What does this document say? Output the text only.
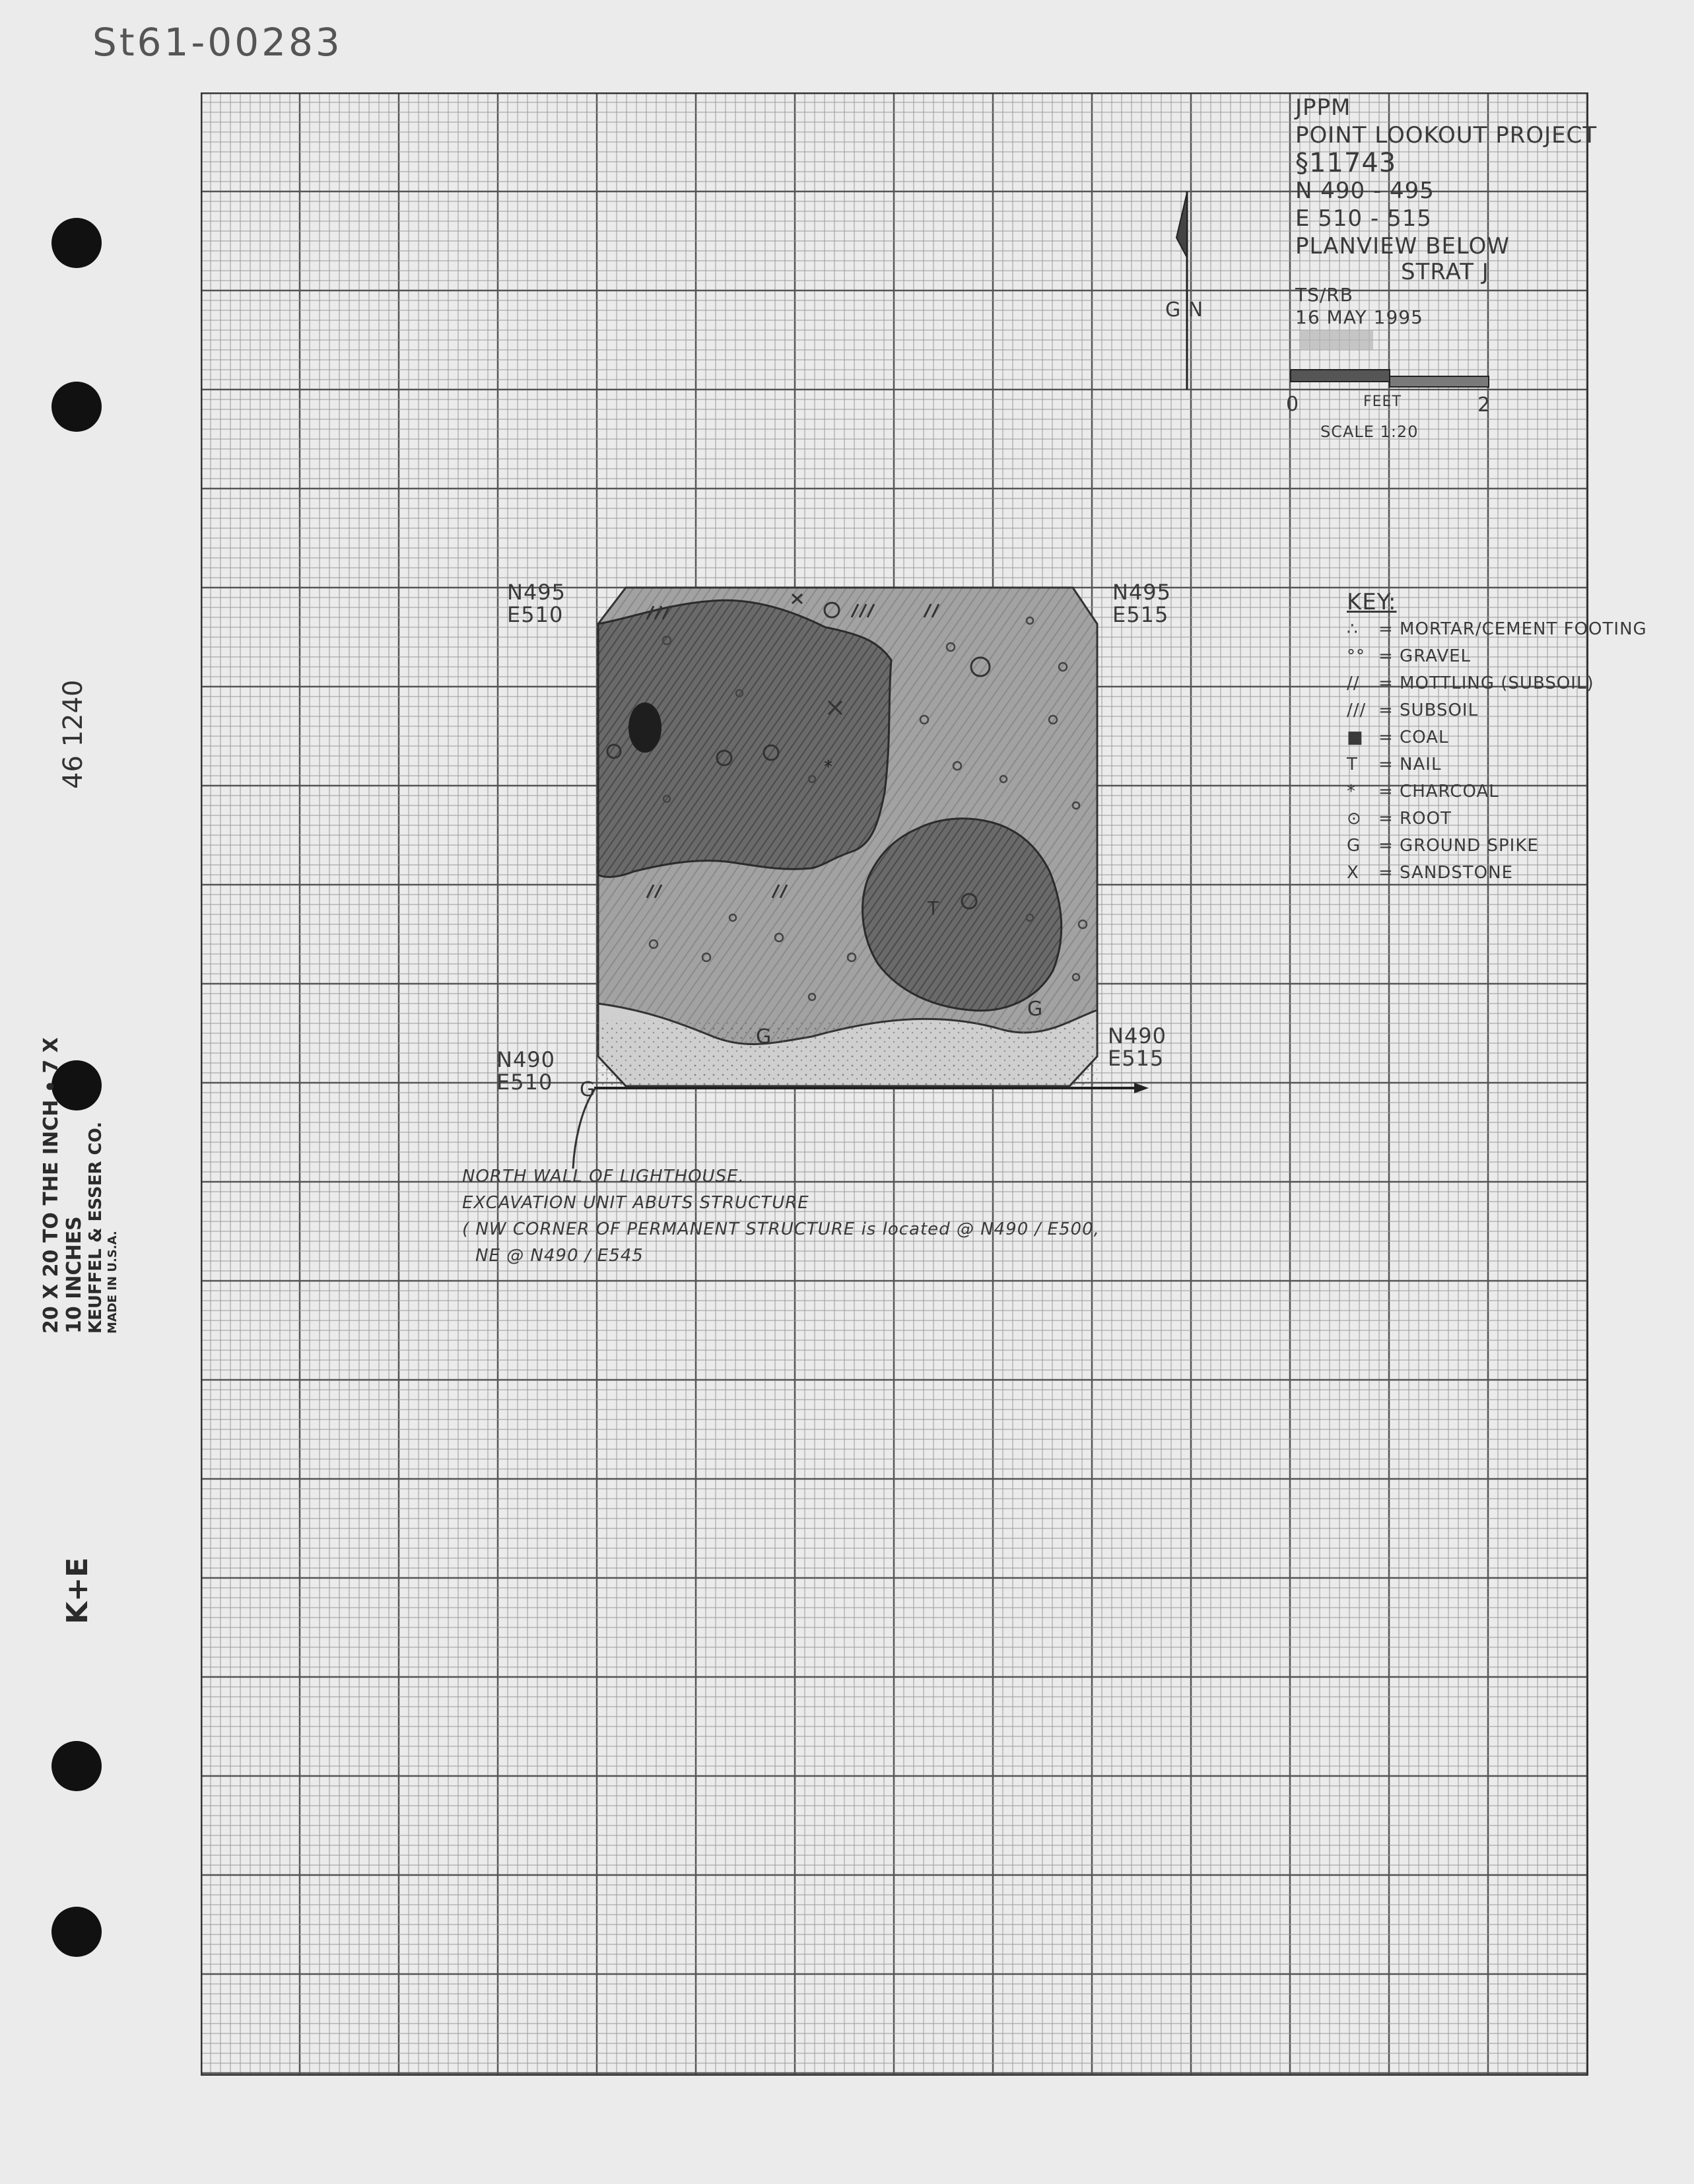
St61-00283
46 1240
20 X 20 TO THE INCH • 7 X 10 INCHES KEUFFEL & ESSER CO. MADE IN U.S.A.
K+E
*
G
G
G
T
JPPM
POINT LOOKOUT PROJECT
§11743
N 490 - 495
E 510 - 515
PLANVIEW BELOW
STRAT J
TS/RB
16 MAY 1995
G N
0	FEET	2
SCALE 1:20
N495
E510
N495
E515
N490
E510
N490
E515
KEY:
∴ = MORTAR/CEMENT FOOTING
°° = GRAVEL
// = MOTTLING (SUBSOIL)
/// = SUBSOIL
■ = COAL
T = NAIL
* = CHARCOAL
⊙ = ROOT
G = GROUND SPIKE
X = SANDSTONE
NORTH WALL OF LIGHTHOUSE.
EXCAVATION UNIT ABUTS STRUCTURE
( NW CORNER OF PERMANENT STRUCTURE is located @ N490 / E500,
NE @ N490 / E545
